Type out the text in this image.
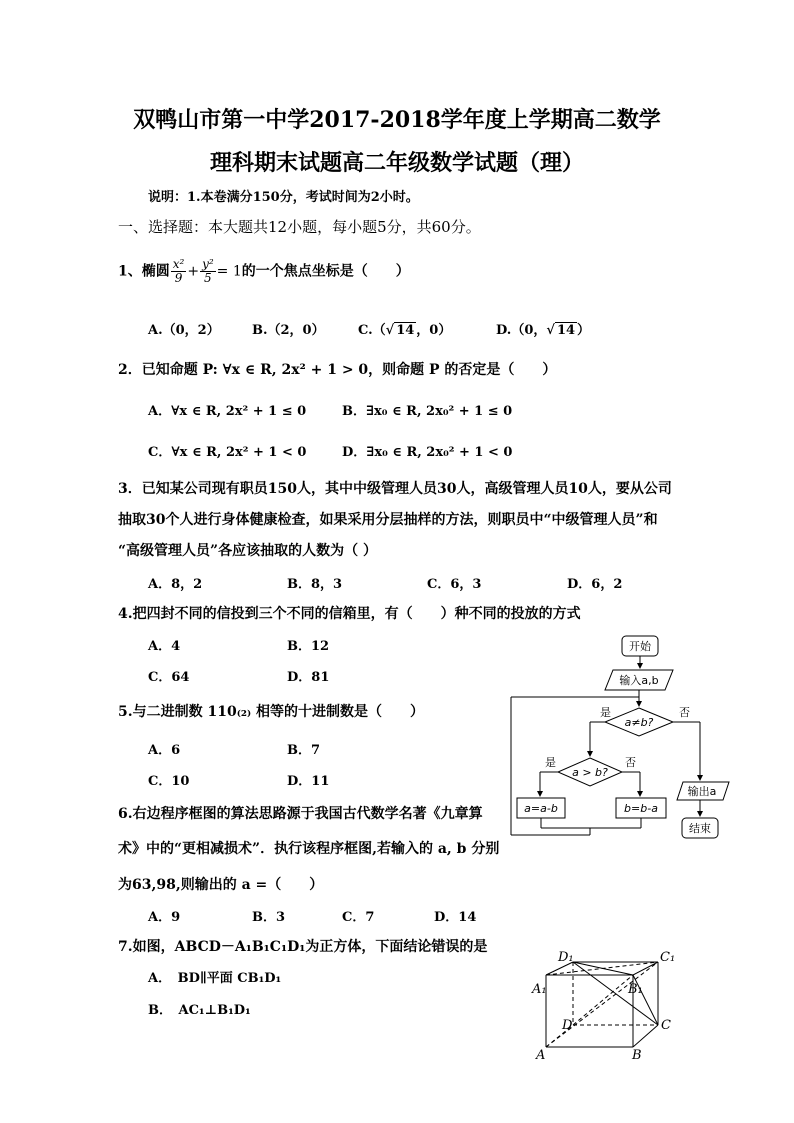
双鸭山市第一中学2017-2018学年度上学期高二数学
理科期末试题高二年级数学试题（理）
说明：1.本卷满分150分，考试时间为2小时。
一、选择题：本大题共12小题，每小题5分，共60分。
1、椭圆 $\frac{\text{x²}}{9} + \frac{\text{y²}}{5} = 1$的一个焦点坐标是（　　）
A.（0，2） B.（2，0）	C.（√ 14 ，0）	D.（0，√ 14 ）
2．已知命题 P: ∀x ∈ R, 2x² + 1 > 0，则命题 P 的否定是（　　）
A．∀x ∈ R, 2x² + 1 ≤ 0	B．∃x₀ ∈ R, 2x₀² + 1 ≤ 0
C．∀x ∈ R, 2x² + 1 < 0	D．∃x₀ ∈ R, 2x₀² + 1 < 0
3．已知某公司现有职员150人，其中中级管理人员30人，高级管理人员10人，要从公司
抽取30个人进行身体健康检查，如果采用分层抽样的方法，则职员中“中级管理人员”和
“高级管理人员”各应该抽取的人数为（ ）
A．8，2	B．8，3	C．6，3	D．6，2
4.把四封不同的信投到三个不同的信箱里，有（　　）种不同的投放的方式
A．4	B．12
C．64	D．81
5.与二进制数 110₍₂₎ 相等的十进制数是（　　）
A．6	B．7
C．10	D．11
6.右边程序框图的算法思路源于我国古代数学名著《九章算
术》中的“更相减损术”．执行该程序框图,若输入的 a, b 分别
为63,98,则输出的 a =（　　）
A．9	B．3	C．7	D．14
7.如图，ABCD－A₁B₁C₁D₁为正方体，下面结论错误的是
A．　BD∥平面 CB₁D₁
B．　AC₁⊥B₁D₁
开始
输入a,b
a≠b?
是	否
a > b?
是	否
a=a-b	b=b-a
输出a
结束
D₁	C₁
A₁	B₁
D	C
A	B
